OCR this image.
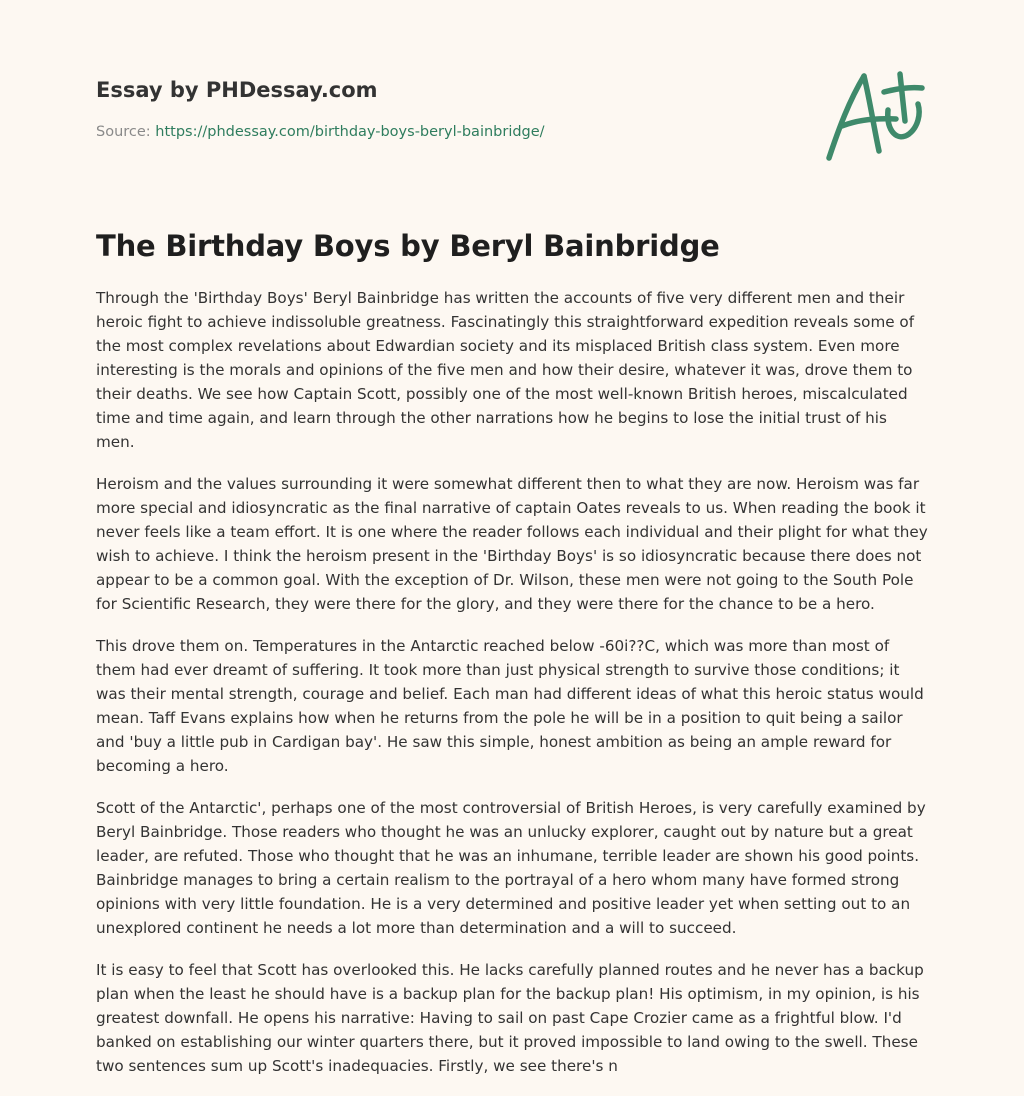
Essay by PHDessay.com
Source: https://phdessay.com/birthday-boys-beryl-bainbridge/
The Birthday Boys by Beryl Bainbridge

Through the 'Birthday Boys' Beryl Bainbridge has written the accounts of five very different men and their heroic fight to achieve indissoluble greatness. Fascinatingly this straightforward expedition reveals some of the most complex revelations about Edwardian society and its misplaced British class system. Even more interesting is the morals and opinions of the five men and how their desire, whatever it was, drove them to their deaths. We see how Captain Scott, possibly one of the most well-known British heroes, miscalculated time and time again, and learn through the other narrations how he begins to lose the initial trust of his men.

Heroism and the values surrounding it were somewhat different then to what they are now. Heroism was far more special and idiosyncratic as the final narrative of captain Oates reveals to us. When reading the book it never feels like a team effort. It is one where the reader follows each individual and their plight for what they wish to achieve. I think the heroism present in the 'Birthday Boys' is so idiosyncratic because there does not appear to be a common goal. With the exception of Dr. Wilson, these men were not going to the South Pole for Scientific Research, they were there for the glory, and they were there for the chance to be a hero.

This drove them on. Temperatures in the Antarctic reached below -60i??C, which was more than most of them had ever dreamt of suffering. It took more than just physical strength to survive those conditions; it was their mental strength, courage and belief. Each man had different ideas of what this heroic status would mean. Taff Evans explains how when he returns from the pole he will be in a position to quit being a sailor and 'buy a little pub in Cardigan bay'. He saw this simple, honest ambition as being an ample reward for becoming a hero.

Scott of the Antarctic', perhaps one of the most controversial of British Heroes, is very carefully examined by Beryl Bainbridge. Those readers who thought he was an unlucky explorer, caught out by nature but a great leader, are refuted. Those who thought that he was an inhumane, terrible leader are shown his good points. Bainbridge manages to bring a certain realism to the portrayal of a hero whom many have formed strong opinions with very little foundation. He is a very determined and positive leader yet when setting out to an unexplored continent he needs a lot more than determination and a will to succeed.

It is easy to feel that Scott has overlooked this. He lacks carefully planned routes and he never has a backup plan when the least he should have is a backup plan for the backup plan! His optimism, in my opinion, is his greatest downfall. He opens his narrative: Having to sail on past Cape Crozier came as a frightful blow. I'd banked on establishing our winter quarters there, but it proved impossible to land owing to the swell. These two sentences sum up Scott's inadequacies. Firstly, we see there's n
